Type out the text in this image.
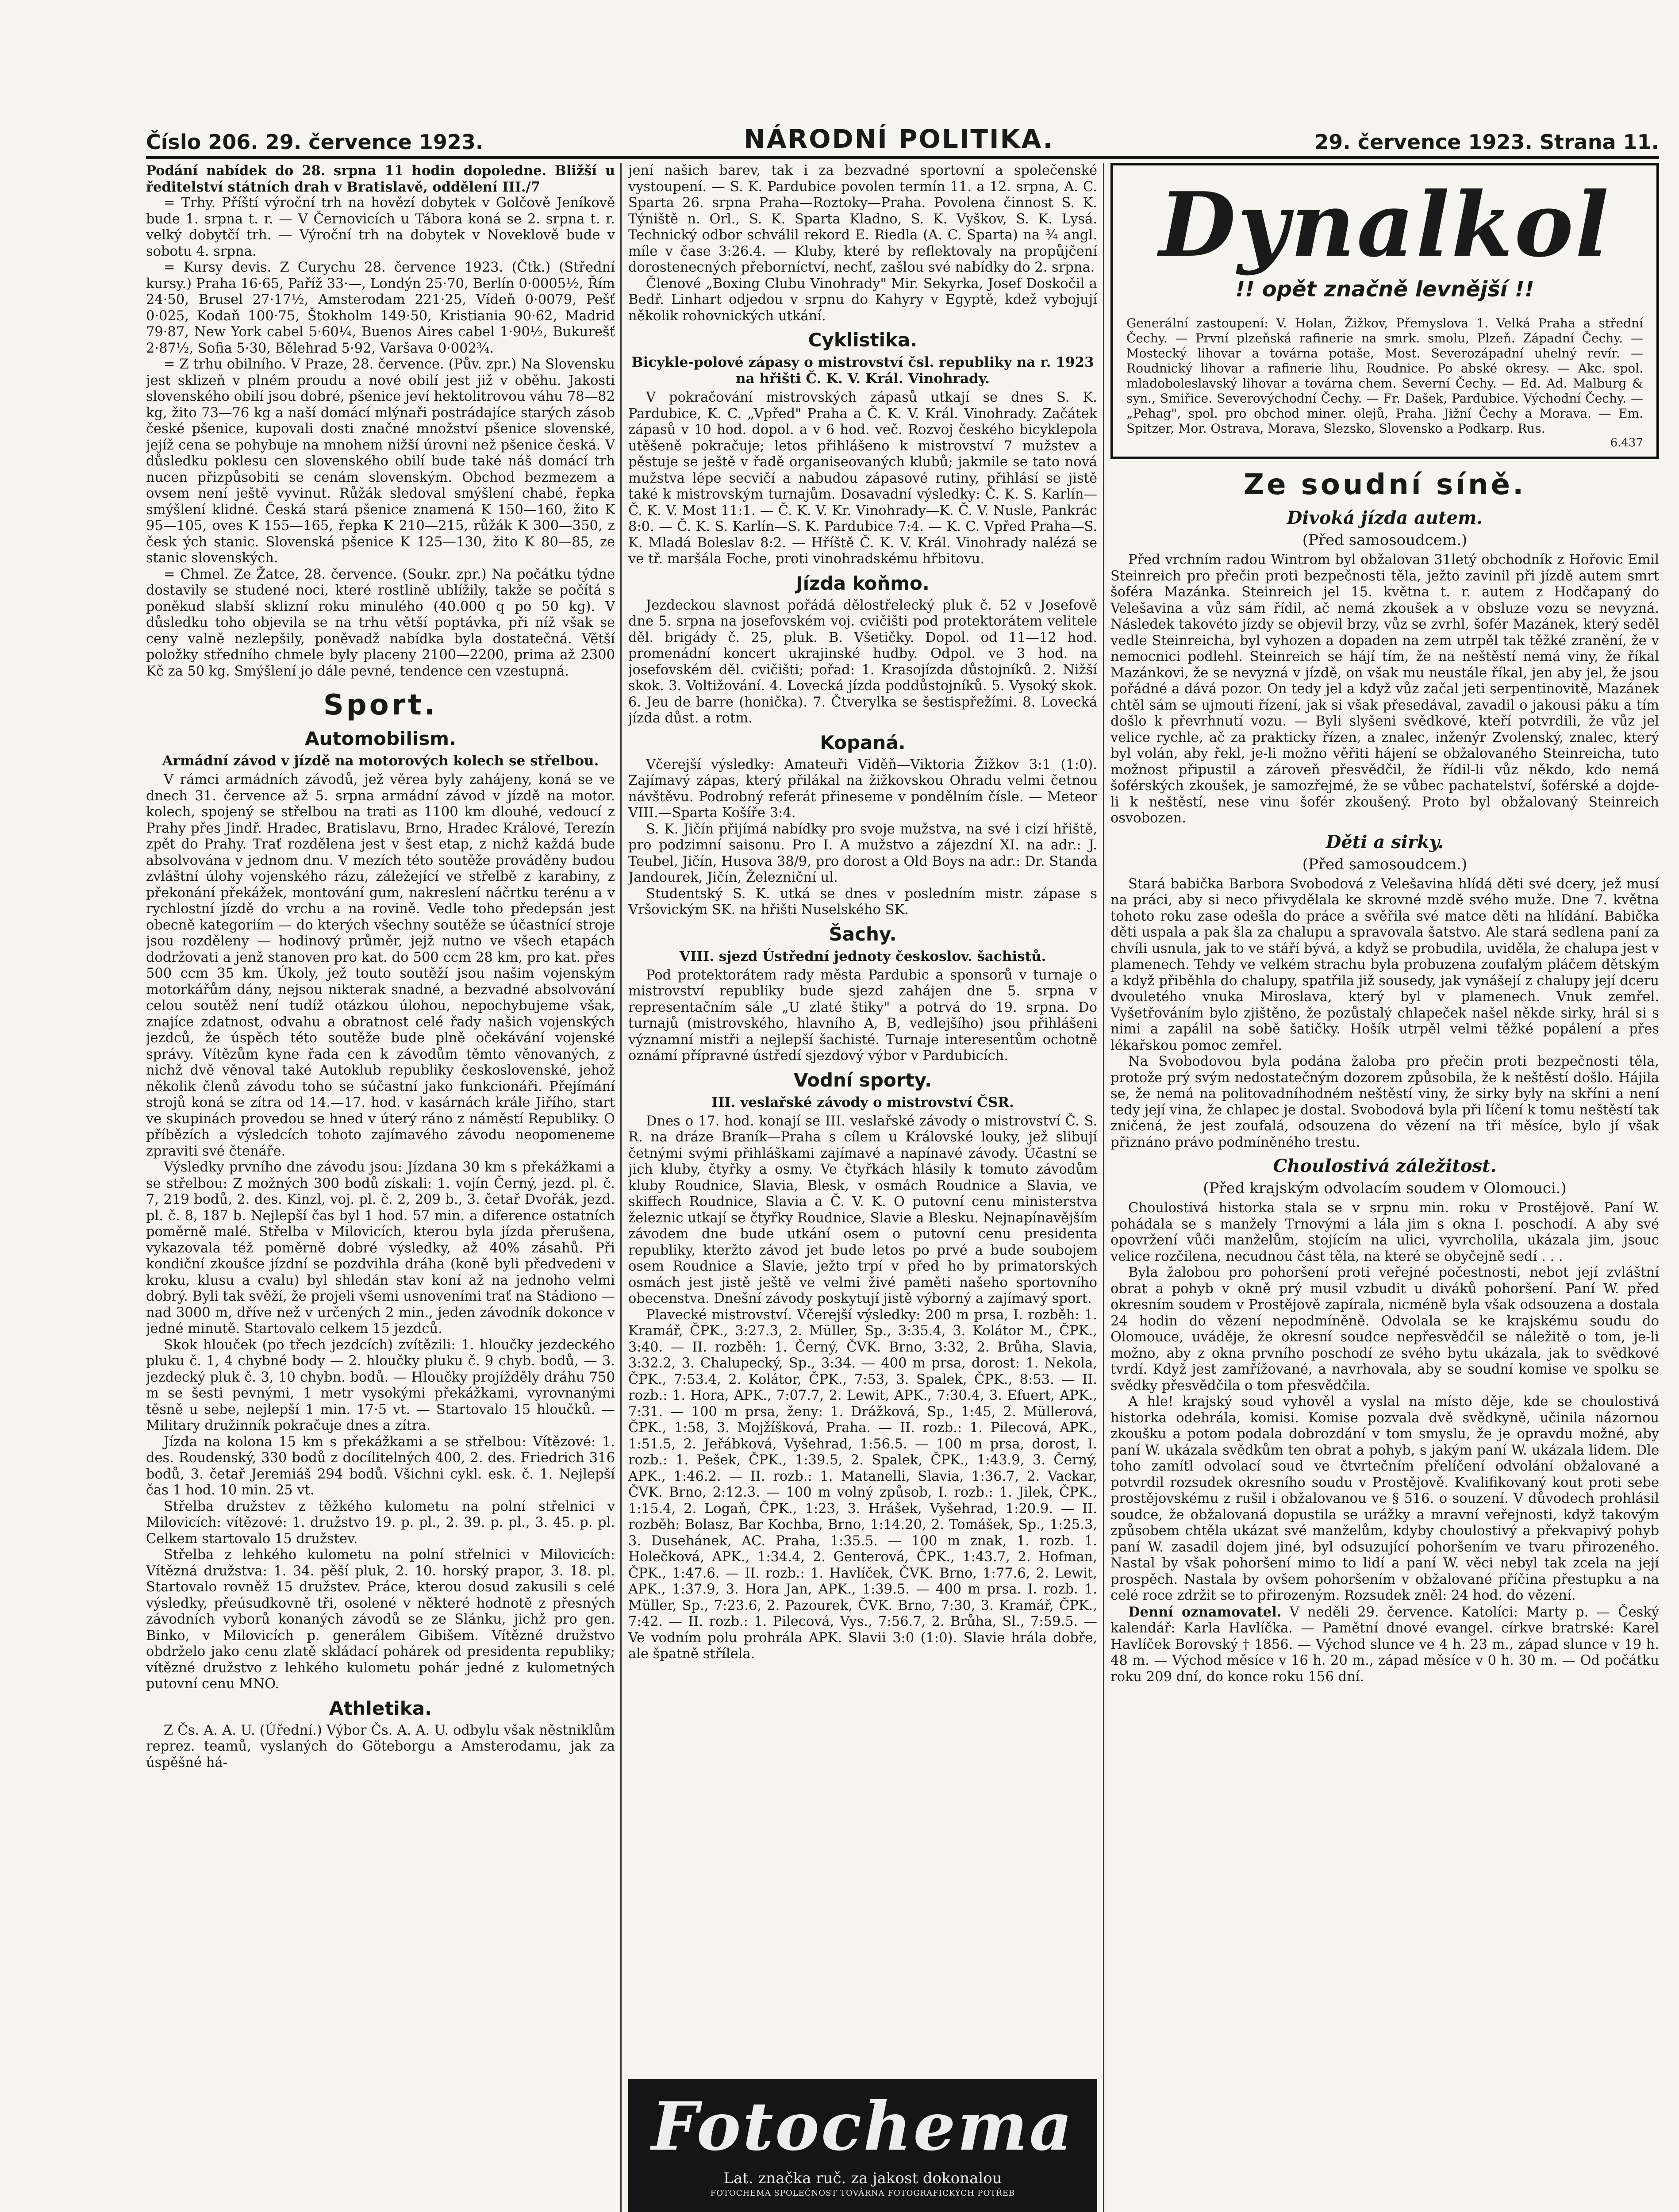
Číslo 206. 29. července 1923.	NÁRODNÍ POLITIKA.	29. července 1923. Strana 11.

Podání nabídek do 28. srpna 11 hodin dopoledne. Bližší u ředitelství státních drah v Bratislavě, oddělení III./7

= Trhy. Příští výroční trh na hovězí dobytek v Golčově Jeníkově bude 1. srpna t. r. — V Černovicích u Tábora koná se 2. srpna t. r. velký dobytčí trh. — Výroční trh na dobytek v Noveklově bude v sobotu 4. srpna.

= Kursy devis. Z Curychu 28. července 1923. (Čtk.) (Střední kursy.) Praha 16·65, Paříž 33·—, Londýn 25·70, Berlín 0·0005½, Řím 24·50, Brusel 27·17½, Amsterodam 221·25, Vídeň 0·0079, Pešť 0·025, Kodaň 100·75, Štokholm 149·50, Kristiania 90·62, Madrid 79·87, New York cabel 5·60¼, Buenos Aires cabel 1·90½, Bukurešť 2·87½, Sofia 5·30, Bělehrad 5·92, Varšava 0·002¾.

= Z trhu obilního. V Praze, 28. července. (Pův. zpr.) Na Slovensku jest sklizeň v plném proudu a nové obilí jest již v oběhu. Jakosti slovenského obilí jsou dobré, pšenice jeví hektolitrovou váhu 78—82 kg, žito 73—76 kg a naší domácí mlýnaři postrádajíce starých zásob české pšenice, kupovali dosti značné množství pšenice slovenské, jejíž cena se pohybuje na mnohem nižší úrovni než pšenice česká. V důsledku poklesu cen slovenského obilí bude také náš domácí trh nucen přizpůsobiti se cenám slovenským. Obchod bezmezem a ovsem není ještě vyvinut. Růžák sledoval smýšlení chabé, řepka smýšlení klidné. Česká stará pšenice znamená K 150—160, žito K 95—105, oves K 155—165, řepka K 210—215, růžák K 300—350, z česk ých stanic. Slovenská pšenice K 125—130, žito K 80—85, ze stanic slovenských.

= Chmel. Ze Žatce, 28. července. (Soukr. zpr.) Na počátku týdne dostavily se studené noci, které rostlině ublížily, takže se počítá s poněkud slabší sklizní roku minulého (40.000 q po 50 kg). V důsledku toho objevila se na trhu větší poptávka, při níž však se ceny valně nezlepšily, poněvadž nabídka byla dostatečná. Větší položky středního chmele byly placeny 2100—2200, prima až 2300 Kč za 50 kg. Smýšlení jo dále pevné, tendence cen vzestupná.

Sport.
Automobilism.
Armádní závod v jízdě na motorových kolech se střelbou.

V rámci armádních závodů, jež věrea byly zahájeny, koná se ve dnech 31. července až 5. srpna armádní závod v jízdě na motor. kolech, spojený se střelbou na trati as 1100 km dlouhé, vedoucí z Prahy přes Jindř. Hradec, Bratislavu, Brno, Hradec Králové, Terezín zpět do Prahy. Trať rozdělena jest v šest etap, z nichž každá bude absolvována v jednom dnu. V mezích této soutěže prováděny budou zvláštní úlohy vojenského rázu, záležející ve střelbě z karabiny, z překonání překážek, montování gum, nakreslení náčrtku terénu a v rychlostní jízdě do vrchu a na rovině. Vedle toho předepsán jest obecně kategoriím — do kterých všechny soutěže se účastnící stroje jsou rozděleny — hodinový průměr, jejž nutno ve všech etapách dodržovati a jenž stanoven pro kat. do 500 ccm 28 km, pro kat. přes 500 ccm 35 km. Úkoly, jež touto soutěží jsou našim vojenským motorkářům dány, nejsou nikterak snadné, a bezvadné absolvování celou soutěž není tudíž otázkou úlohou, nepochybujeme však, znajíce zdatnost, odvahu a obratnost celé řady našich vojenských jezdců, že úspěch této soutěže bude plně očekávání vojenské správy. Vítězům kyne řada cen k závodům těmto věnovaných, z nichž dvě věnoval také Autoklub republiky československé, jehož několik členů závodu toho se súčastní jako funkcionáři. Přejímání strojů koná se zítra od 14.—17. hod. v kasárnách krále Jiřího, start ve skupinách provedou se hned v úterý ráno z náměstí Republiky. O příbězích a výsledcích tohoto zajímavého závodu neopomeneme zpraviti své čtenáře.

Výsledky prvního dne závodu jsou: Jízdana 30 km s překážkami a se střelbou: Z možných 300 bodů získali: 1. vojín Černý, jezd. pl. č. 7, 219 bodů, 2. des. Kinzl, voj. pl. č. 2, 209 b., 3. četař Dvořák, jezd. pl. č. 8, 187 b. Nejlepší čas byl 1 hod. 57 min. a diference ostatních poměrně malé. Střelba v Milovicích, kterou byla jízda přerušena, vykazovala též poměrně dobré výsledky, až 40% zásahů. Při kondiční zkoušce jízdní se pozdvihla dráha (koně byli předvedeni v kroku, klusu a cvalu) byl shledán stav koní až na jednoho velmi dobrý. Byli tak svěží, že projeli všemi usnoveními trať na Stádiono — nad 3000 m, dříve než v určených 2 min., jeden závodník dokonce v jedné minutě. Startovalo celkem 15 jezdců.

Skok hlouček (po třech jezdcích) zvítězili: 1. hloučky jezdeckého pluku č. 1, 4 chybné body — 2. hloučky pluku č. 9 chyb. bodů, — 3. jezdecký pluk č. 3, 10 chybn. bodů. — Hloučky projížděly dráhu 750 m se šesti pevnými, 1 metr vysokými překážkami, vyrovnanými těsně u sebe, nejlepší 1 min. 17·5 vt. — Startovalo 15 hloučků. — Military družinník pokračuje dnes a zítra.

Jízda na kolona 15 km s překážkami a se střelbou: Vítězové: 1. des. Roudenský, 330 bodů z docílitelných 400, 2. des. Friedrich 316 bodů, 3. četař Jeremiáš 294 bodů. Všichni cykl. esk. č. 1. Nejlepší čas 1 hod. 10 min. 25 vt.

Střelba družstev z těžkého kulometu na polní střelnici v Milovicích: vítězové: 1. družstvo 19. p. pl., 2. 39. p. pl., 3. 45. p. pl. Celkem startovalo 15 družstev.

Střelba z lehkého kulometu na polní střelnici v Milovicích: Vítězná družstva: 1. 34. pěší pluk, 2. 10. horský prapor, 3. 18. pl. Startovalo rovněž 15 družstev. Práce, kterou dosud zakusili s celé výsledky, přeúsudkovně tři, osolené v některé hodnotě z přesných závodních vyborů konaných závodů se ze Slánku, jichž pro gen. Binko, v Milovicích p. generálem Gibišem. Vítězné družstvo obdrželo jako cenu zlatě skládací pohárek od presidenta republiky; vítězné družstvo z lehkého kulometu pohár jedné z kulometných putovní cenu MNO.

Athletika.

Z Čs. A. A. U. (Úřední.) Výbor Čs. A. A. U. odbylu však něstniklům reprez. teamů, vyslaných do Göteborgu a Amsterodamu, jak za úspěšné há-

jení našich barev, tak i za bezvadné sportovní a společenské vystoupení. — S. K. Pardubice povolen termín 11. a 12. srpna, A. C. Sparta 26. srpna Praha—Roztoky—Praha. Povolena činnost S. K. Týniště n. Orl., S. K. Sparta Kladno, S. K. Vyškov, S. K. Lysá. Technický odbor schválil rekord E. Riedla (A. C. Sparta) na ¾ angl. míle v čase 3:26.4. — Kluby, které by reflektovaly na propůjčení dorostenecných přeborníctví, nechť, zašlou své nabídky do 2. srpna.

Členové „Boxing Clubu Vinohrady" Mir. Sekyrka, Josef Doskočil a Bedř. Linhart odjedou v srpnu do Kahyry v Egyptě, kdež vybojují několik rohovnických utkání.

Cyklistika.
Bicykle-polové zápasy o mistrovství čsl. republiky na r. 1923 na hřišti Č. K. V. Král. Vinohrady.

V pokračování mistrovských zápasů utkají se dnes S. K. Pardubice, K. C. „Vpřed" Praha a Č. K. V. Král. Vinohrady. Začátek zápasů v 10 hod. dopol. a v 6 hod. več. Rozvoj českého bicyklepola utěšeně pokračuje; letos přihlášeno k mistrovství 7 mužstev a pěstuje se ještě v řadě organiseovaných klubů; jakmile se tato nová mužstva lépe secvičí a nabudou zápasové rutiny, přihlásí se jistě také k mistrovským turnajům. Dosavadní výsledky: Č. K. S. Karlín—Č. K. V. Most 11:1. — Č. K. V. Kr. Vinohrady—K. Č. V. Nusle, Pankrác 8:0. — Č. K. S. Karlín—S. K. Pardubice 7:4. — K. C. Vpřed Praha—S. K. Mladá Boleslav 8:2. — Hříště Č. K. V. Král. Vinohrady nalézá se ve tř. maršála Foche, proti vinohradskému hřbitovu.

Jízda koňmo.

Jezdeckou slavnost pořádá dělostřelecký pluk č. 52 v Josefově dne 5. srpna na josefovském voj. cvičišti pod protektorátem velitele děl. brigády č. 25, pluk. B. Všetičky. Dopol. od 11—12 hod. promenádní koncert ukrajinské hudby. Odpol. ve 3 hod. na josefovském děl. cvičišti; pořad: 1. Krasojízda důstojníků. 2. Nižší skok. 3. Voltižování. 4. Lovecká jízda poddůstojníků. 5. Vysoký skok. 6. Jeu de barre (honička). 7. Čtverylka se šestispřežími. 8. Lovecká jízda důst. a rotm.

Kopaná.

Včerejší výsledky: Amateuři Viděň—Viktoria Žižkov 3:1 (1:0). Zajímavý zápas, který přilákal na žižkovskou Ohradu velmi četnou návštěvu. Podrobný referát přineseme v pondělním čísle. — Meteor VIII.—Sparta Košíře 3:4.

S. K. Jičín přijímá nabídky pro svoje mužstva, na své i cizí hřiště, pro podzimní saisonu. Pro I. A mužstvo a zájezdní XI. na adr.: J. Teubel, Jičín, Husova 38/9, pro dorost a Old Boys na adr.: Dr. Standa Jandourek, Jičín, Železniční ul.

Studentský S. K. utká se dnes v posledním mistr. zápase s Vršovickým SK. na hřišti Nuselského SK.

Šachy.
VIII. sjezd Ústřední jednoty českoslov. šachistů.

Pod protektorátem rady města Pardubic a sponsorů v turnaje o mistrovství republiky bude sjezd zahájen dne 5. srpna v representačním sále „U zlaté štiky" a potrvá do 19. srpna. Do turnajů (mistrovského, hlavního A, B, vedlejšího) jsou přihlášeni významní mistři a nejlepší šachisté. Turnaje interesentům ochotně oznámí přípravné ústředí sjezdový výbor v Pardubicích.

Vodní sporty.
III. veslařské závody o mistrovství ČSR.

Dnes o 17. hod. konají se III. veslařské závody o mistrovství Č. S. R. na dráze Braník—Praha s cílem u Královské louky, jež slibují četnými svými přihláškami zajímavé a napínavé závody. Účastní se jich kluby, čtyřky a osmy. Ve čtyřkách hlásily k tomuto závodům kluby Roudnice, Slavia, Blesk, v osmách Roudnice a Slavia, ve skiffech Roudnice, Slavia a Č. V. K. O putovní cenu ministerstva železnic utkají se čtyřky Roudnice, Slavie a Blesku. Nejnapínavějším závodem dne bude utkání osem o putovní cenu presidenta republiky, kteržto závod jet bude letos po prvé a bude soubojem osem Roudnice a Slavie, ježto trpí v před ho by primatorských osmách jest jistě ještě ve velmi živé paměti našeho sportovního obecenstva. Dnešní závody poskytují jistě výborný a zajímavý sport.

Plavecké mistrovství. Včerejší výsledky: 200 m prsa, I. rozběh: 1. Kramář, ČPK., 3:27.3, 2. Müller, Sp., 3:35.4, 3. Kolátor M., ČPK., 3:40. — II. rozběh: 1. Černý, ČVK. Brno, 3:32, 2. Brůha, Slavia, 3:32.2, 3. Chalupecký, Sp., 3:34. — 400 m prsa, dorost: 1. Nekola, ČPK., 7:53.4, 2. Kolátor, ČPK., 7:53, 3. Spalek, ČPK., 8:53. — II. rozb.: 1. Hora, APK., 7:07.7, 2. Lewit, APK., 7:30.4, 3. Efuert, APK., 7:31. — 100 m prsa, ženy: 1. Drážková, Sp., 1:45, 2. Müllerová, ČPK., 1:58, 3. Mojžíšková, Praha. — II. rozb.: 1. Pilecová, APK., 1:51.5, 2. Jeřábková, Vyšehrad, 1:56.5. — 100 m prsa, dorost, I. rozb.: 1. Pešek, ČPK., 1:39.5, 2. Spalek, ČPK., 1:43.9, 3. Černý, APK., 1:46.2. — II. rozb.: 1. Matanelli, Slavia, 1:36.7, 2. Vackar, ČVK. Brno, 2:12.3. — 100 m volný způsob, I. rozb.: 1. Jilek, ČPK., 1:15.4, 2. Logaň, ČPK., 1:23, 3. Hrášek, Vyšehrad, 1:20.9. — II. rozběh: Bolasz, Bar Kochba, Brno, 1:14.20, 2. Tomášek, Sp., 1:25.3, 3. Dusehánek, AC. Praha, 1:35.5. — 100 m znak, 1. rozb. 1. Holečková, APK., 1:34.4, 2. Genterová, ČPK., 1:43.7, 2. Hofman, ČPK., 1:47.6. — II. rozb.: 1. Havlíček, ČVK. Brno, 1:77.6, 2. Lewit, APK., 1:37.9, 3. Hora Jan, APK., 1:39.5. — 400 m prsa. I. rozb. 1. Müller, Sp., 7:23.6, 2. Pazourek, ČVK. Brno, 7:30, 3. Kramář, ČPK., 7:42. — II. rozb.: 1. Pilecová, Vys., 7:56.7, 2. Brůha, Sl., 7:59.5. — Ve vodním polu prohrála APK. Slavii 3:0 (1:0). Slavie hrála dobře, ale špatně střílela.

Fotochema
Lat. značka ruč. za jakost dokonalou
FOTOCHEMA SPOLEČNOST TOVÁRNA FOTOGRAFICKÝCH POTŘEB
Dynalkol
!! opět značně levnější !!
Generální zastoupení: V. Holan, Žižkov, Přemyslova 1. Velká Praha a střední Čechy. — První plzeňská rafinerie na smrk. smolu, Plzeň. Západní Čechy. — Mostecký lihovar a továrna potaše, Most. Severozápadní uhelný revír. — Roudnický lihovar a rafinerie lihu, Roudnice. Po abské okresy. — Akc. spol. mladoboleslavský lihovar a továrna chem. Severní Čechy. — Ed. Ad. Malburg & syn., Smiřice. Severovýchodní Čechy. — Fr. Dašek, Pardubice. Východní Čechy. — „Pehag", spol. pro obchod miner. olejů, Praha. Jižní Čechy a Morava. — Em. Spitzer, Mor. Ostrava, Morava, Slezsko, Slovensko a Podkarp. Rus.
6.437
Ze soudní síně.
Divoká jízda autem.
(Před samosoudcem.)

Před vrchním radou Wintrom byl obžalovan 31letý obchodník z Hořovic Emil Steinreich pro přečin proti bezpečnosti těla, ježto zavinil při jízdě autem smrt šoféra Mazánka. Steinreich jel 15. května t. r. autem z Hodčapaný do Velešavina a vůz sám řídil, ač nemá zkoušek a v obsluze vozu se nevyzná. Následek takovéto jízdy se objevil brzy, vůz se zvrhl, šofér Mazánek, který seděl vedle Steinreicha, byl vyhozen a dopaden na zem utrpěl tak těžké zranění, že v nemocnici podlehl. Steinreich se hájí tím, že na neštěstí nemá viny, že říkal Mazánkovi, že se nevyzná v jízdě, on však mu neustále říkal, jen aby jel, že jsou pořádné a dává pozor. On tedy jel a když vůz začal jeti serpentinovitě, Mazánek chtěl sám se ujmouti řízení, jak si však přesedával, zavadil o jakousi páku a tím došlo k převrhnutí vozu. — Byli slyšeni svědkové, kteří potvrdili, že vůz jel velice rychle, ač za prakticky řízen, a znalec, inženýr Zvolenský, znalec, který byl volán, aby řekl, je-li možno věřiti hájení se obžalovaného Steinreicha, tuto možnost připustil a zároveň přesvědčil, že řídil-li vůz někdo, kdo nemá šoférských zkoušek, je samozřejmé, že se vůbec pachatelství, šoférské a dojde-li k neštěstí, nese vinu šofér zkoušený. Proto byl obžalovaný Steinreich osvobozen.

Děti a sirky.
(Před samosoudcem.)

Stará babička Barbora Svobodová z Velešavina hlídá děti své dcery, jež musí na práci, aby si neco přivydělala ke skrovné mzdě svého muže. Dne 7. května tohoto roku zase odešla do práce a svěřila své matce děti na hlídání. Babička děti uspala a pak šla za chalupu a spravovala šatstvo. Ale stará sedlena paní za chvíli usnula, jak to ve stáří bývá, a když se probudila, uviděla, že chalupa jest v plamenech. Tehdy ve velkém strachu byla probuzena zoufalým pláčem dětským a když přiběhla do chalupy, spatřila již sousedy, jak vynášejí z chalupy její dceru dvouletého vnuka Miroslava, který byl v plamenech. Vnuk zemřel. Vyšetřováním bylo zjištěno, že pozůstalý chlapeček našel někde sirky, hrál si s nimi a zapálil na sobě šatičky. Hošík utrpěl velmi těžké popálení a přes lékařskou pomoc zemřel.

Na Svobodovou byla podána žaloba pro přečin proti bezpečnosti těla, protože prý svým nedostatečným dozorem způsobila, že k neštěstí došlo. Hájila se, že nemá na politovadníhodném neštěstí viny, že sirky byly na skříni a není tedy její vina, že chlapec je dostal. Svobodová byla při líčení k tomu neštěstí tak zničená, že jest zoufalá, odsouzena do vězení na tři měsíce, bylo jí však přiznáno právo podmíněného trestu.

Choulostivá záležitost.
(Před krajským odvolacím soudem v Olomouci.)

Choulostivá historka stala se v srpnu min. roku v Prostějově. Paní W. pohádala se s manžely Trnovými a lála jim s okna I. poschodí. A aby své opovržení vůči manželům, stojícím na ulici, vyvrcholila, ukázala jim, jsouc velice rozčilena, necudnou část těla, na které se obyčejně sedí . . .

Byla žalobou pro pohoršení proti veřejné počestnosti, nebot její zvláštní obrat a pohyb v okně prý musil vzbudit u diváků pohoršení. Paní W. před okresním soudem v Prostějově zapírala, nicméně byla však odsouzena a dostala 24 hodin do vězení nepodmíněně. Odvolala se ke krajskému soudu do Olomouce, uváděje, že okresní soudce nepřesvědčil se náležitě o tom, je-li možno, aby z okna prvního poschodí ze svého bytu ukázala, jak to svědkové tvrdí. Když jest zamřížované, a navrhovala, aby se soudní komise ve spolku se svědky přesvědčila o tom přesvědčila.

A hle! krajský soud vyhověl a vyslal na místo děje, kde se choulostivá historka odehrála, komisi. Komise pozvala dvě svědkyně, učinila názornou zkoušku a potom podala dobrozdání v tom smyslu, že je opravdu možné, aby paní W. ukázala svědkům ten obrat a pohyb, s jakým paní W. ukázala lidem. Dle toho zamítl odvolací soud ve čtvrtečním přelíčení odvolání obžalované a potvrdil rozsudek okresního soudu v Prostějově. Kvalifikovaný kout proti sebe prostějovskému z rušil i obžalovanou ve § 516. o souzení. V důvodech prohlásil soudce, že obžalovaná dopustila se urážky a mravní veřejnosti, když takovým způsobem chtěla ukázat své manželům, kdyby choulostivý a překvapivý pohyb paní W. zasadil dojem jiné, byl odsuzující pohoršením ve tvaru přirozeného. Nastal by však pohoršení mimo to lidí a paní W. věci nebyl tak zcela na její prospěch. Nastala by ovšem pohoršením v obžalované příčina přestupku a na celé roce zdržit se to přirozeným. Rozsudek zněl: 24 hod. do vězení.

Denní oznamovatel. V neděli 29. července. Katolíci: Marty p. — Český kalendář: Karla Havlíčka. — Pamětní dnové evangel. církve bratrské: Karel Havlíček Borovský † 1856. — Východ slunce ve 4 h. 23 m., západ slunce v 19 h. 48 m. — Východ měsíce v 16 h. 20 m., západ měsíce v 0 h. 30 m. — Od počátku roku 209 dní, do konce roku 156 dní.
